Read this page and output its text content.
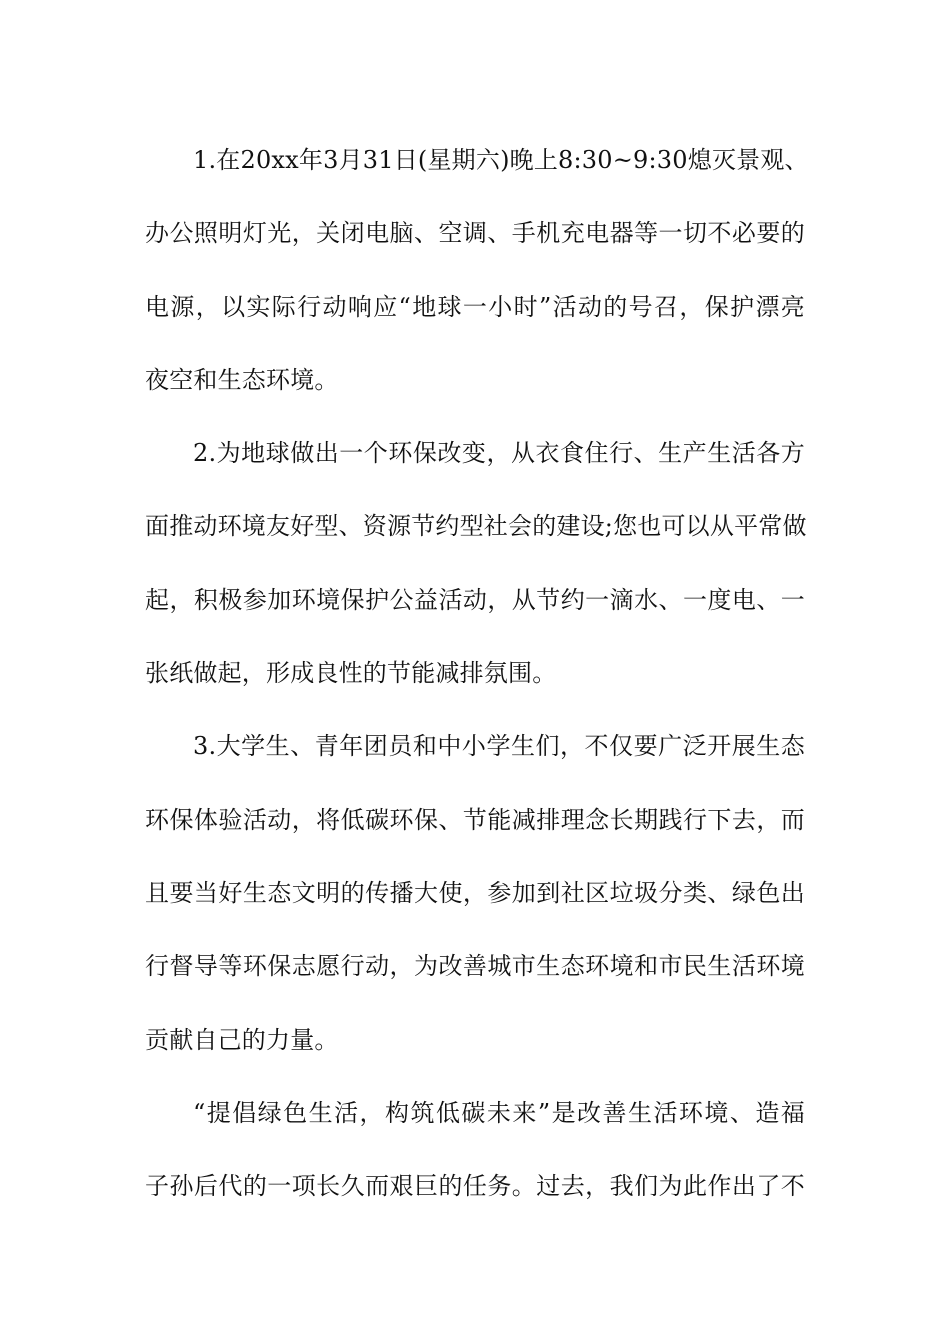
1.在20xx年3月31日(星期六)晚上8:30~9:30熄灭景观、
办公照明灯光，关闭电脑、空调、手机充电器等一切不必要的
电源，以实际行动响应“地球一小时”活动的号召，保护漂亮
夜空和生态环境。
2.为地球做出一个环保改变，从衣食住行、生产生活各方
面推动环境友好型、资源节约型社会的建设;您也可以从平常做
起，积极参加环境保护公益活动，从节约一滴水、一度电、一
张纸做起，形成良性的节能减排氛围。
3.大学生、青年团员和中小学生们，不仅要广泛开展生态
环保体验活动，将低碳环保、节能减排理念长期践行下去，而
且要当好生态文明的传播大使，参加到社区垃圾分类、绿色出
行督导等环保志愿行动，为改善城市生态环境和市民生活环境
贡献自己的力量。
“提倡绿色生活，构筑低碳未来”是改善生活环境、造福
子孙后代的一项长久而艰巨的任务。过去，我们为此作出了不
